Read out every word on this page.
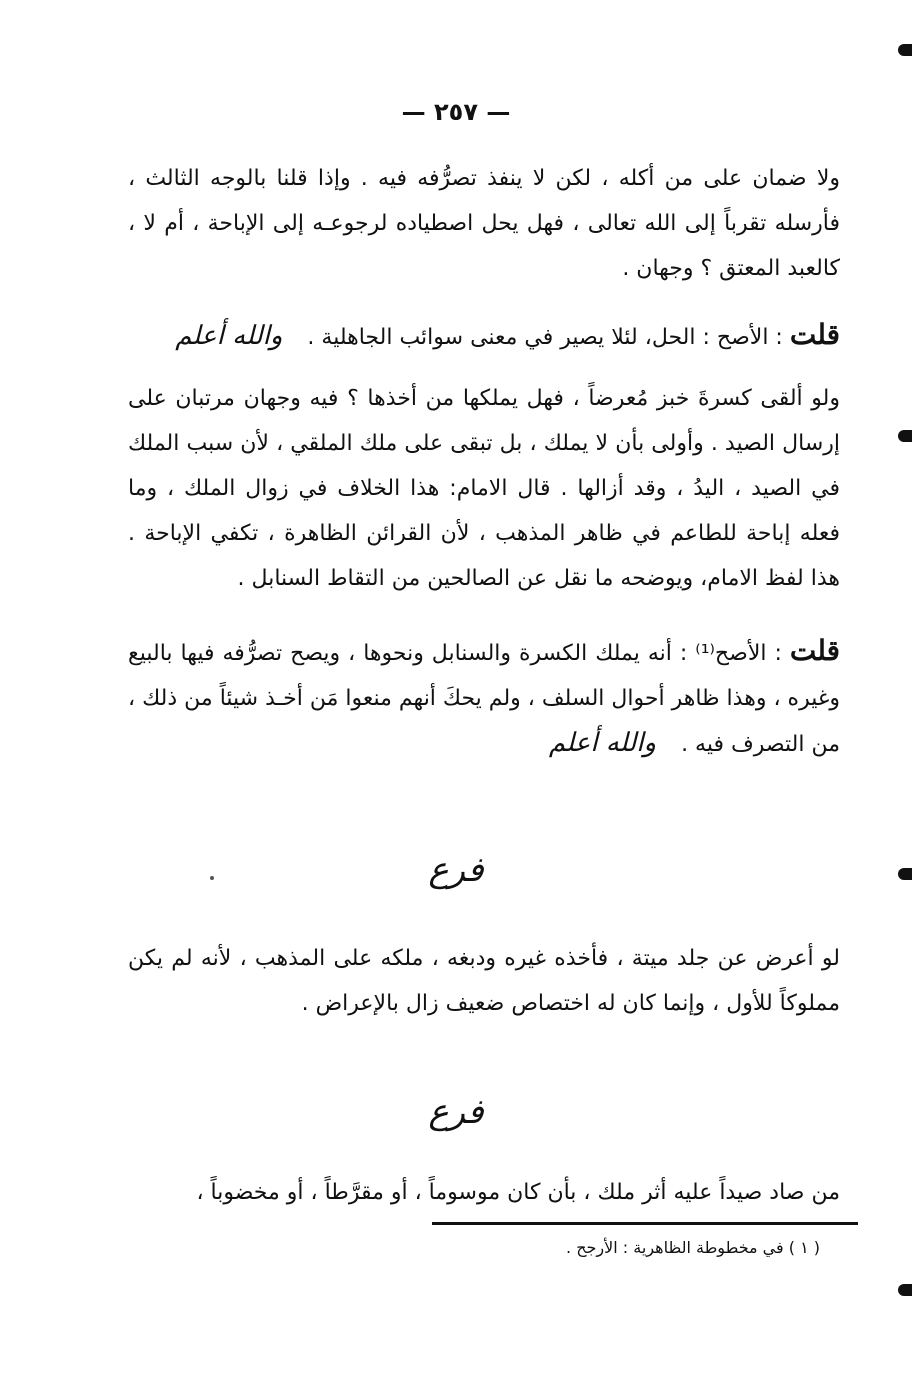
— ٢٥٧ —

ولا ضمان على من أكله ، لكن لا ينفذ تصرُّفه فيه . وإذا قلنا بالوجه الثالث ، فأرسله تقرباً إلى الله تعالى ، فهل يحل اصطياده لرجوعـه إلى الإباحة ، أم لا ، كالعبد المعتق ؟ وجهان .

قلت : الأصح : الحل، لئلا يصير في معنى سوائب الجاهلية . والله أعلم

ولو ألقى كسرةَ خبز مُعرضاً ، فهل يملكها من أخذها ؟ فيه وجهان مرتبان على إرسال الصيد . وأولى بأن لا يملك ، بل تبقى على ملك الملقي ، لأن سبب الملك في الصيد ، اليدُ ، وقد أزالها . قال الامام: هذا الخلاف في زوال الملك ، وما فعله إباحة للطاعم في ظاهر المذهب ، لأن القرائن الظاهرة ، تكفي الإباحة . هذا لفظ الامام، ويوضحه ما نقل عن الصالحين من التقاط السنابل .

قلت : الأصح⁽¹⁾ : أنه يملك الكسرة والسنابل ونحوها ، ويصح تصرُّفه فيها بالبيع وغيره ، وهذا ظاهر أحوال السلف ، ولم يحكَ أنهم منعوا مَن أخـذ شيئاً من ذلك ، من التصرف فيه . والله أعلم

فرع

لو أعرض عن جلد ميتة ، فأخذه غيره ودبغه ، ملكه على المذهب ، لأنه لم يكن مملوكاً للأول ، وإنما كان له اختصاص ضعيف زال بالإعراض .

فرع

من صاد صيداً عليه أثر ملك ، بأن كان موسوماً ، أو مقرَّطاً ، أو مخضوباً ،

( ١ ) في مخطوطة الظاهرية : الأرجح .
